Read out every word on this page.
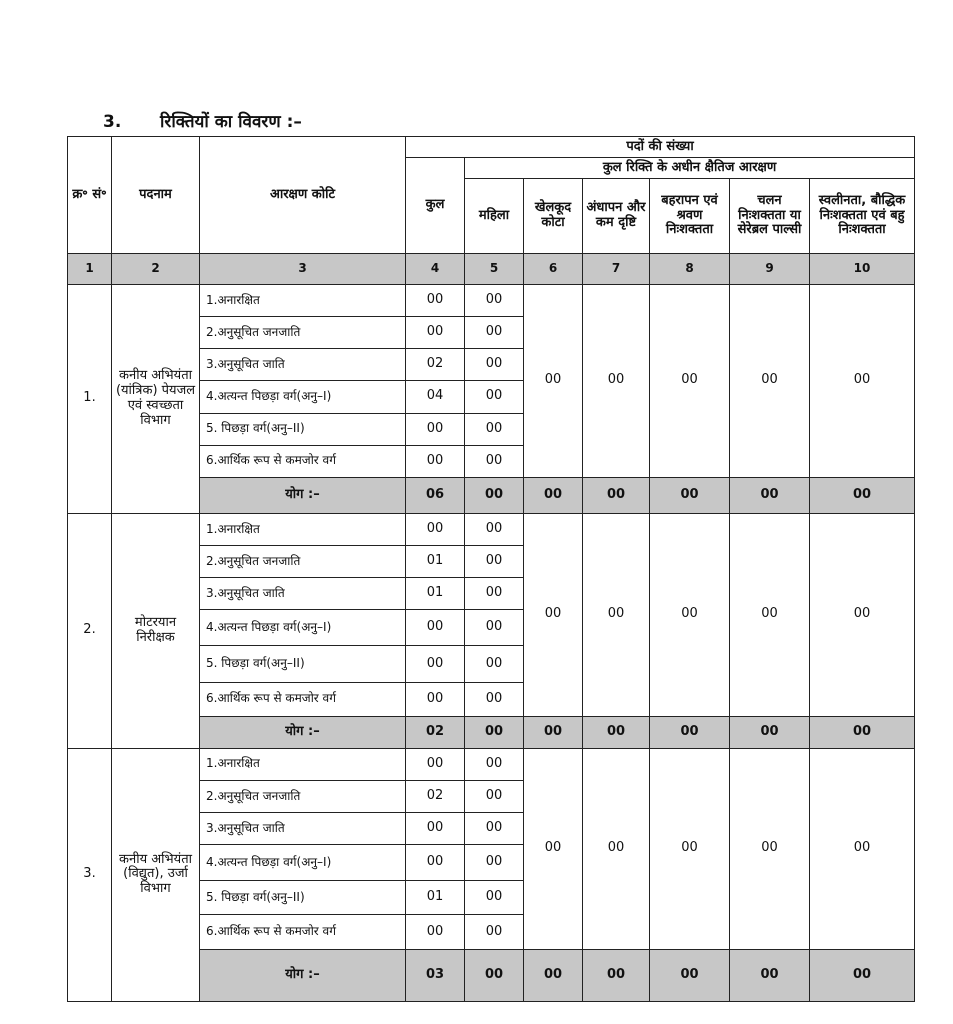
3. रिक्तियों का विवरण :–
क्र॰ सं॰	पदनाम	आरक्षण कोटि	पदों की संख्या						
			कुल	कुल रिक्ति के अधीन क्षैतिज आरक्षण					
				महिला	खेलकूद कोटा	अंधापन और कम दृष्टि	बहरापन एवं श्रवण निःशक्तता	चलन निःशक्तता या सेरेब्रल पाल्सी	स्वलीनता, बौद्धिक निःशक्तता एवं बहु निःशक्तता
1	2	3	4	5	6	7	8	9	10
1.	कनीय अभियंता (यांत्रिक) पेयजल एवं स्वच्छता विभाग	1.अनारक्षित	00	00	00	00	00	00	00
		2.अनुसूचित जनजाति	00	00					
		3.अनुसूचित जाति	02	00					
		4.अत्यन्त पिछड़ा वर्ग(अनु–I)	04	00					
		5. पिछड़ा वर्ग(अनु–II)	00	00					
		6.आर्थिक रूप से कमजोर वर्ग	00	00					
		योग :–	06	00	00	00	00	00	00
2.	मोटरयान निरीक्षक	1.अनारक्षित	00	00	00	00	00	00	00
		2.अनुसूचित जनजाति	01	00					
		3.अनुसूचित जाति	01	00					
		4.अत्यन्त पिछड़ा वर्ग(अनु–I)	00	00					
		5. पिछड़ा वर्ग(अनु–II)	00	00					
		6.आर्थिक रूप से कमजोर वर्ग	00	00					
		योग :–	02	00	00	00	00	00	00
3.	कनीय अभियंता (विद्युत), उर्जा विभाग	1.अनारक्षित	00	00	00	00	00	00	00
		2.अनुसूचित जनजाति	02	00					
		3.अनुसूचित जाति	00	00					
		4.अत्यन्त पिछड़ा वर्ग(अनु–I)	00	00					
		5. पिछड़ा वर्ग(अनु–II)	01	00					
		6.आर्थिक रूप से कमजोर वर्ग	00	00					
		योग :–	03	00	00	00	00	00	00
